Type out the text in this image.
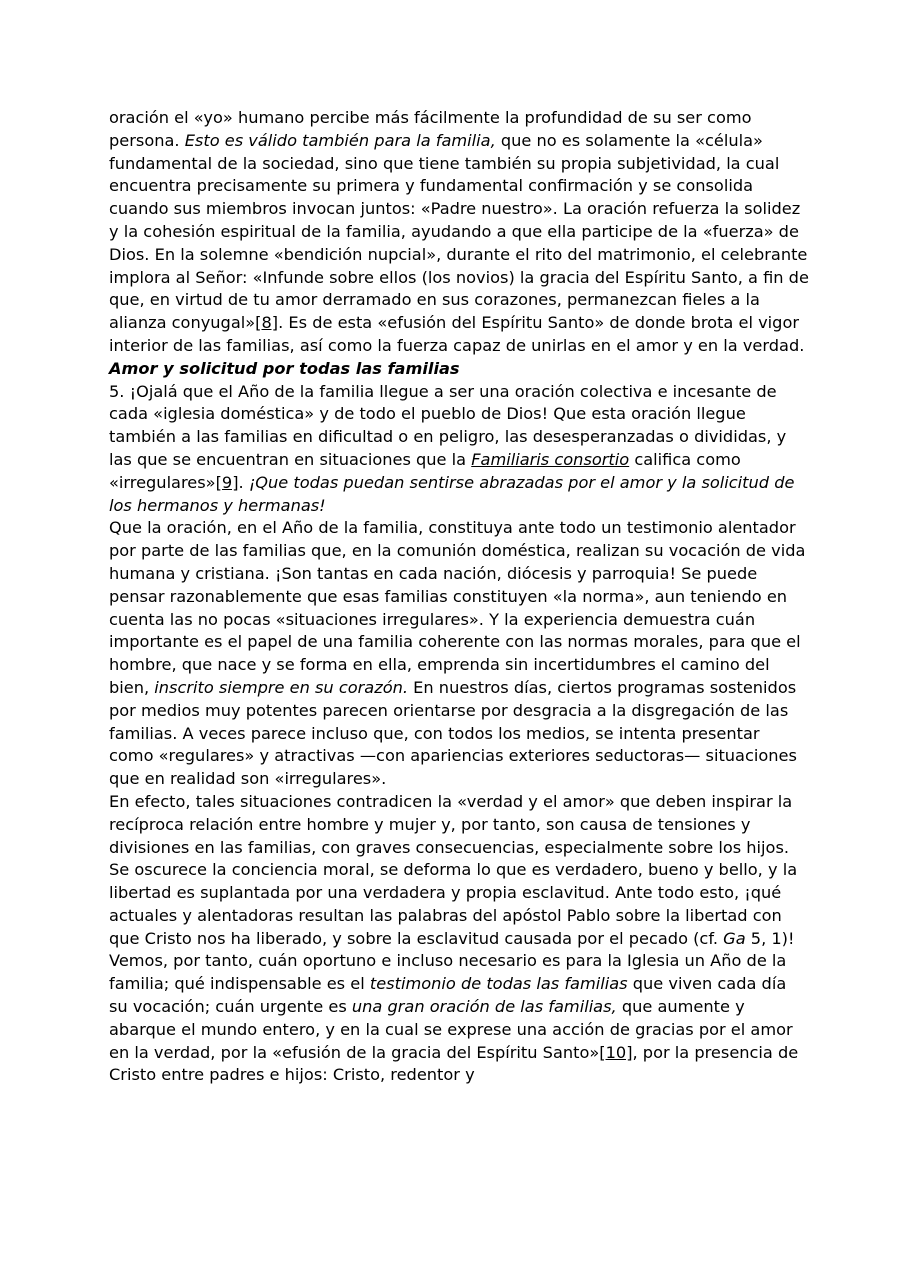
oración el «yo» humano percibe más fácilmente la profundidad de su ser como persona. Esto es válido también para la familia, que no es solamente la «célula» fundamental de la sociedad, sino que tiene también su propia subjetividad, la cual encuentra precisamente su primera y fundamental confirmación y se consolida cuando sus miembros invocan juntos: «Padre nuestro». La oración refuerza la solidez y la cohesión espiritual de la familia, ayudando a que ella participe de la «fuerza» de Dios. En la solemne «bendición nupcial», durante el rito del matrimonio, el celebrante implora al Señor: «Infunde sobre ellos (los novios) la gracia del Espíritu Santo, a fin de que, en virtud de tu amor derramado en sus corazones, permanezcan fieles a la alianza conyugal»[8]. Es de esta «efusión del Espíritu Santo» de donde brota el vigor interior de las familias, así como la fuerza capaz de unirlas en el amor y en la verdad.

Amor y solicitud por todas las familias

5. ¡Ojalá que el Año de la familia llegue a ser una oración colectiva e incesante de cada «iglesia doméstica» y de todo el pueblo de Dios! Que esta oración llegue también a las familias en dificultad o en peligro, las desesperanzadas o divididas, y las que se encuentran en situaciones que la Familiaris consortio califica como «irregulares»[9]. ¡Que todas puedan sentirse abrazadas por el amor y la solicitud de los hermanos y hermanas!

Que la oración, en el Año de la familia, constituya ante todo un testimonio alentador por parte de las familias que, en la comunión doméstica, realizan su vocación de vida humana y cristiana. ¡Son tantas en cada nación, diócesis y parroquia! Se puede pensar razonablemente que esas familias constituyen «la norma», aun teniendo en cuenta las no pocas «situaciones irregulares». Y la experiencia demuestra cuán importante es el papel de una familia coherente con las normas morales, para que el hombre, que nace y se forma en ella, emprenda sin incertidumbres el camino del bien, inscrito siempre en su corazón. En nuestros días, ciertos programas sostenidos por medios muy potentes parecen orientarse por desgracia a la disgregación de las familias. A veces parece incluso que, con todos los medios, se intenta presentar como «regulares» y atractivas —con apariencias exteriores seductoras— situaciones que en realidad son «irregulares».

En efecto, tales situaciones contradicen la «verdad y el amor» que deben inspirar la recíproca relación entre hombre y mujer y, por tanto, son causa de tensiones y divisiones en las familias, con graves consecuencias, especialmente sobre los hijos. Se oscurece la conciencia moral, se deforma lo que es verdadero, bueno y bello, y la libertad es suplantada por una verdadera y propia esclavitud. Ante todo esto, ¡qué actuales y alentadoras resultan las palabras del apóstol Pablo sobre la libertad con que Cristo nos ha liberado, y sobre la esclavitud causada por el pecado (cf. Ga 5, 1)!

Vemos, por tanto, cuán oportuno e incluso necesario es para la Iglesia un Año de la familia; qué indispensable es el testimonio de todas las familias que viven cada día su vocación; cuán urgente es una gran oración de las familias, que aumente y abarque el mundo entero, y en la cual se exprese una acción de gracias por el amor en la verdad, por la «efusión de la gracia del Espíritu Santo»[10], por la presencia de Cristo entre padres e hijos: Cristo, redentor y
